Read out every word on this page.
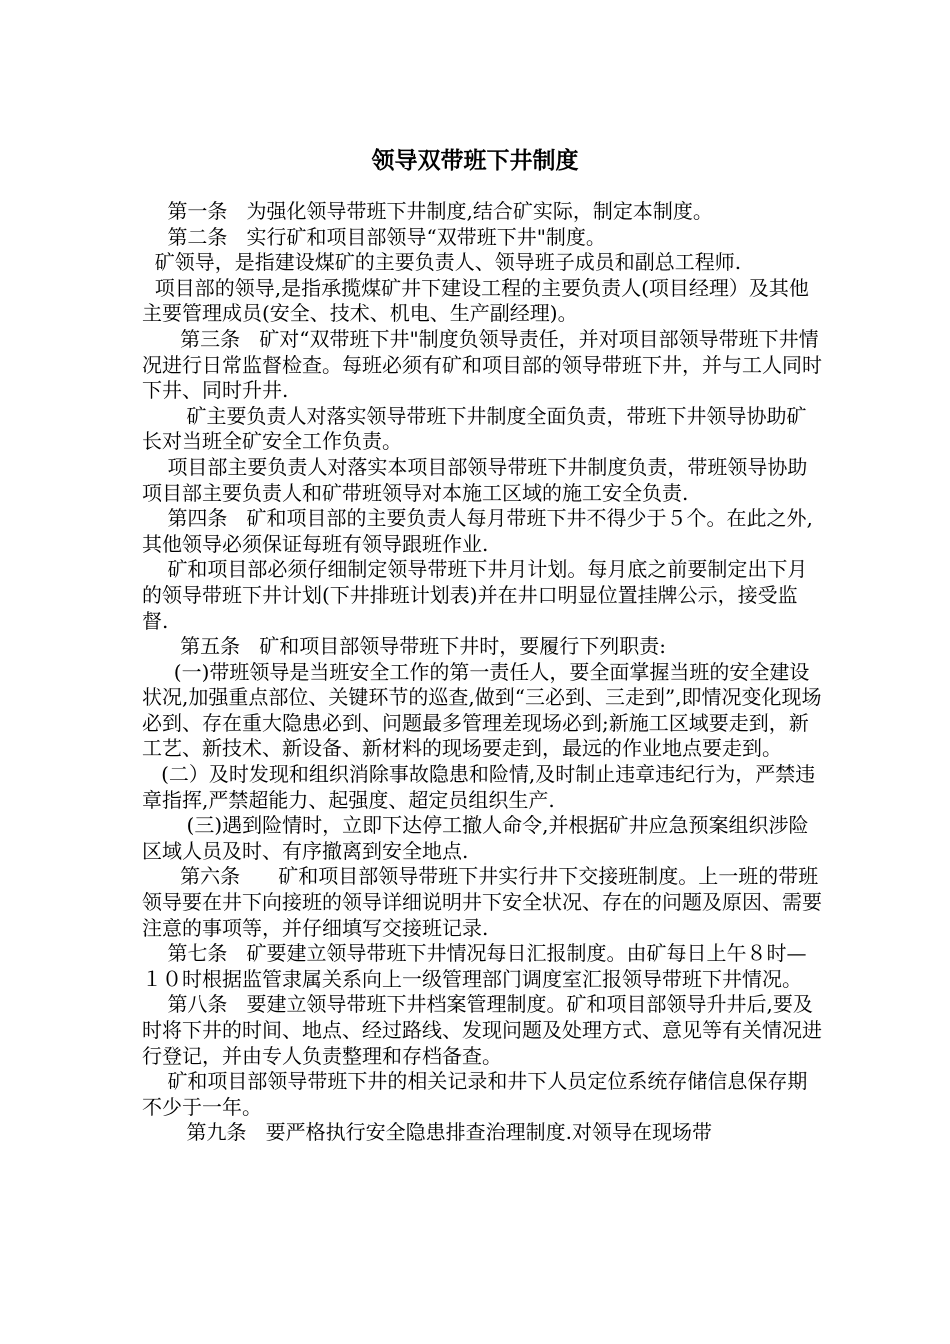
领导双带班下井制度

第一条   为强化领导带班下井制度,结合矿实际，制定本制度。

第二条   实行矿和项目部领导“双带班下井"制度。

矿领导，是指建设煤矿的主要负责人、领导班子成员和副总工程师.

项目部的领导,是指承揽煤矿井下建设工程的主要负责人(项目经理）及其他主要管理成员(安全、技术、机电、生产副经理)。

第三条   矿对“双带班下井"制度负领导责任，并对项目部领导带班下井情况进行日常监督检查。每班必须有矿和项目部的领导带班下井，并与工人同时下井、同时升井.

矿主要负责人对落实领导带班下井制度全面负责，带班下井领导协助矿长对当班全矿安全工作负责。

项目部主要负责人对落实本项目部领导带班下井制度负责，带班领导协助项目部主要负责人和矿带班领导对本施工区域的施工安全负责.

第四条   矿和项目部的主要负责人每月带班下井不得少于５个。在此之外,其他领导必须保证每班有领导跟班作业.

矿和项目部必须仔细制定领导带班下井月计划。每月底之前要制定出下月的领导带班下井计划(下井排班计划表)并在井口明显位置挂牌公示，接受监督.

第五条   矿和项目部领导带班下井时，要履行下列职责:

(一)带班领导是当班安全工作的第一责任人，要全面掌握当班的安全建设状况,加强重点部位、关键环节的巡查,做到“三必到、三走到”,即情况变化现场必到、存在重大隐患必到、问题最多管理差现场必到;新施工区域要走到，新工艺、新技术、新设备、新材料的现场要走到，最远的作业地点要走到。

(二）及时发现和组织消除事故隐患和险情,及时制止违章违纪行为，严禁违章指挥,严禁超能力、起强度、超定员组织生产.

(三)遇到险情时，立即下达停工撤人命令,并根据矿井应急预案组织涉险区域人员及时、有序撤离到安全地点.

第六条      矿和项目部领导带班下井实行井下交接班制度。上一班的带班领导要在井下向接班的领导详细说明井下安全状况、存在的问题及原因、需要注意的事项等，并仔细填写交接班记录.

第七条   矿要建立领导带班下井情况每日汇报制度。由矿每日上午８时—１０时根据监管隶属关系向上一级管理部门调度室汇报领导带班下井情况。

第八条   要建立领导带班下井档案管理制度。矿和项目部领导升井后,要及时将下井的时间、地点、经过路线、发现问题及处理方式、意见等有关情况进行登记，并由专人负责整理和存档备查。

矿和项目部领导带班下井的相关记录和井下人员定位系统存储信息保存期不少于一年。

第九条   要严格执行安全隐患排查治理制度.对领导在现场带
